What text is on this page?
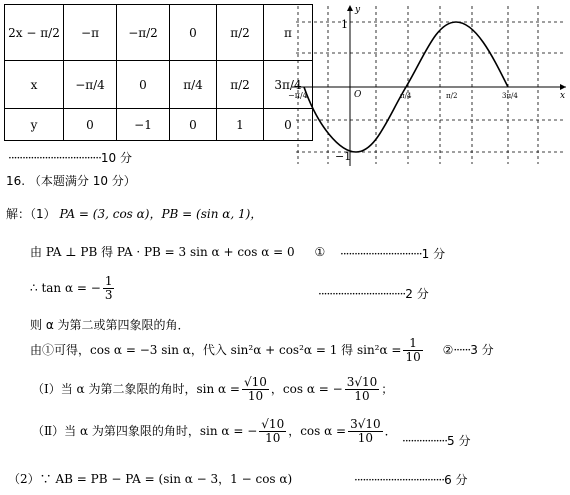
2x − π/2	−π	−π/2	0	π/2	π
x	−π/4	0	π/4	π/2	3π/4
y	0	−1	0	1	0
y
x
O
1
−1
−π/4	π/4	π/2	3π/4
·································10 分
16. （本题满分 10 分）
解：（1） PA = (3, cos α)，PB = (sin α, 1)，
由 PA ⊥ PB 得 PA · PB = 3 sin α + cos α = 0 ① ·····························1 分
∴ tan α = − $\frac{1}{3}$	·······························2 分
则 α 为第二或第四象限的角．
由①可得，cos α = −3 sin α，代入 sin²α + cos²α = 1 得 $\sin^2\alpha = \frac{1}{10}$ ②······3 分
（Ⅰ）当 α 为第二象限的角时，$\sin \alpha = \frac{√10}{10}$ ，cos α = − $\frac{3√10}{10}$ ；
（Ⅱ）当 α 为第四象限的角时，sin α = − $\frac{√10}{10}$ ，$\cos \alpha = \frac{3√10}{10}$ ．
················5 分
（2）∵ AB = PB − PA = (sin α − 3，1 − cos α)	································6 分
